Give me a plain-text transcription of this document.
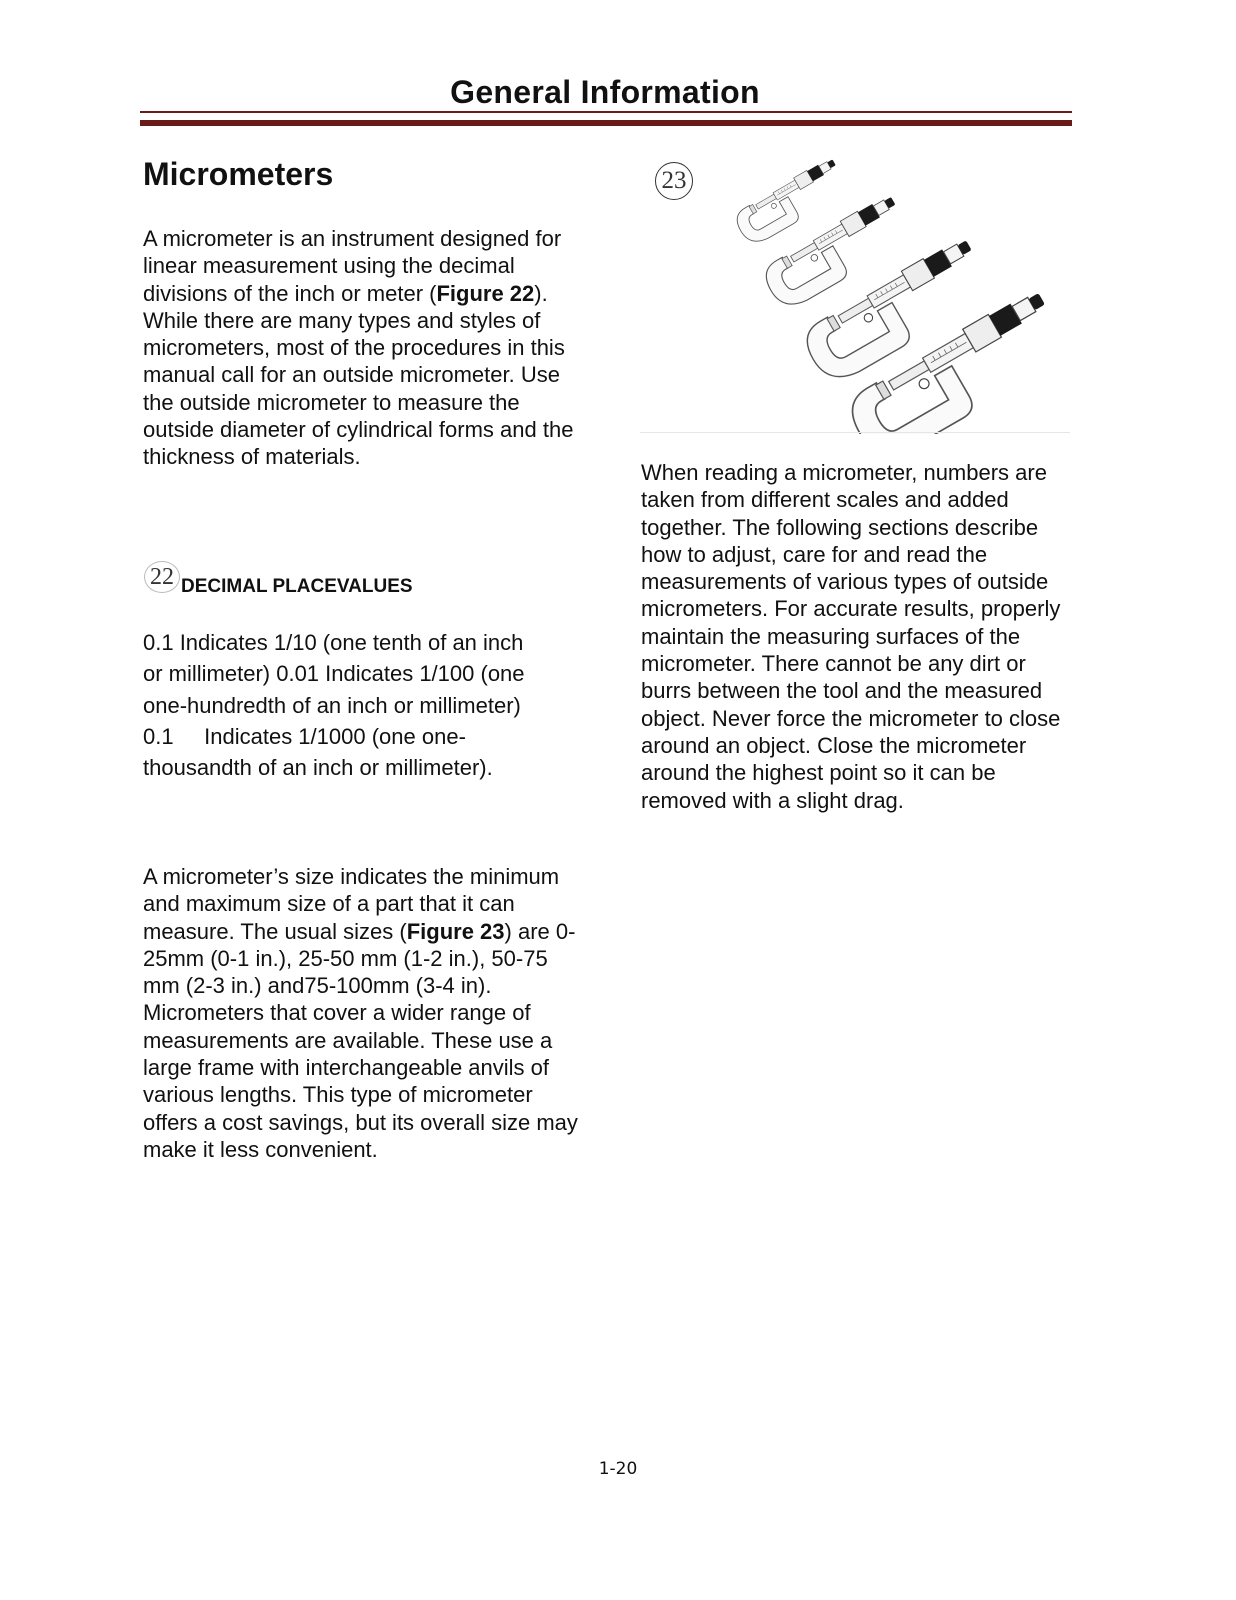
General Information
Micrometers

A micrometer is an instrument designed for linear measurement using the decimal divisions of the inch or meter (Figure 22). While there are many types and styles of micrometers, most of the procedures in this manual call for an outside micrometer. Use the outside micrometer to measure the outside diameter of cylindrical forms and the thickness of materials.

22 DECIMAL PLACEVALUES
0.1 Indicates 1/10 (one tenth of an inch
or millimeter) 0.01 Indicates 1/100 (one
one-hundredth of an inch or millimeter)
0.1     Indicates 1/1000 (one one-
thousandth of an inch or millimeter).

A micrometer’s size indicates the minimum and maximum size of a part that it can measure. The usual sizes (Figure 23) are 0-25mm (0-1 in.), 25-50 mm (1-2 in.), 50-75 mm (2-3 in.) and75-100mm (3-4 in). Micrometers that cover a wider range of measurements are available. These use a large frame with interchangeable anvils of various lengths. This type of micrometer offers a cost savings, but its overall size may make it less convenient.

23

When reading a micrometer, numbers are taken from different scales and added together. The following sections describe how to adjust, care for and read the measurements of various types of outside micrometers. For accurate results, properly maintain the measuring surfaces of the micrometer. There cannot be any dirt or burrs between the tool and the measured object. Never force the micrometer to close around an object. Close the micrometer around the highest point so it can be removed with a slight drag.

1-20
